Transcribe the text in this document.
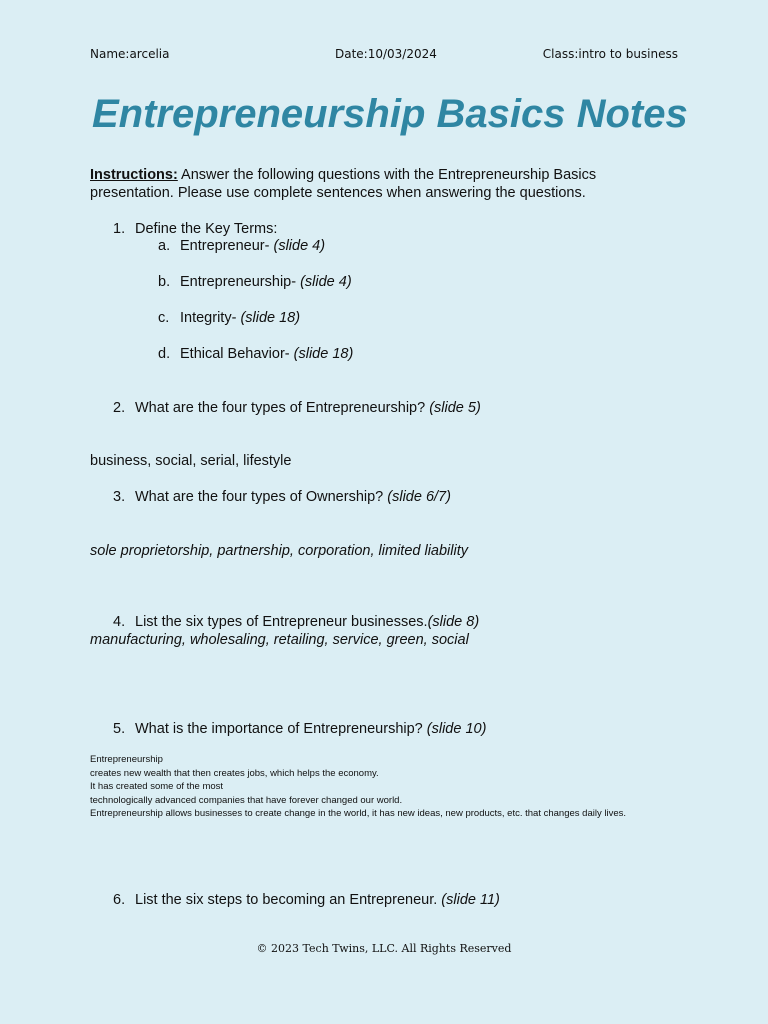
Name:arcelia	Date:10/03/2024	Class:intro to business
Entrepreneurship Basics Notes
Instructions: Answer the following questions with the Entrepreneurship Basics presentation. Please use complete sentences when answering the questions.
1. Define the Key Terms:
a. Entrepreneur- (slide 4)
b. Entrepreneurship- (slide 4)
c. Integrity- (slide 18)
d. Ethical Behavior- (slide 18)
2. What are the four types of Entrepreneurship? (slide 5)
business, social, serial, lifestyle
3. What are the four types of Ownership? (slide 6/7)
sole proprietorship, partnership, corporation, limited liability
4. List the six types of Entrepreneur businesses.(slide 8)
manufacturing, wholesaling, retailing, service, green, social
5. What is the importance of Entrepreneurship? (slide 10)
Entrepreneurship
creates new wealth that then creates jobs, which helps the economy.
It has created some of the most
technologically advanced companies that have forever changed our world.
Entrepreneurship allows businesses to create change in the world, it has new ideas, new products, etc. that changes daily lives.
6. List the six steps to becoming an Entrepreneur. (slide 11)
© 2023 Tech Twins, LLC. All Rights Reserved
